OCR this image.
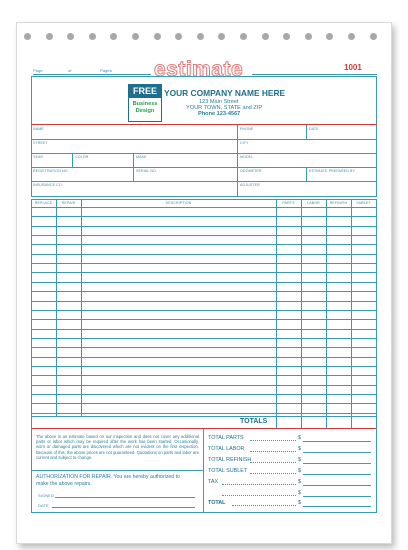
Page	of	Pages estimate	1001
FREE
Business
Design
YOUR COMPANY NAME HERE
123 Main Street
YOUR TOWN, STATE and ZIP
Phone 123-4567
NAME	PHONE	DATE
STREET	CITY
YEAR	COLOR	MAKE	MODEL
REGISTRATION NO.	SERIAL NO.	ODOMETER	ESTIMATE PREPARED BY
INSURANCE CO.	ADJUSTER
REPLACE	REPAIR	DESCRIPTION	PARTS	LABOR	REFINISH	SUBLET
TOTALS
The above is an estimate based on our inspection and does not cover any additional parts or labor which may be required after the work has been started. Occasionally, worn or damaged parts are discovered which are not evident on the first inspection. Because of this, the above prices are not guaranteed. Quotations on parts and labor are current and subject to change.
AUTHORIZATION FOR REPAIR. You are hereby authorized to
make the above repairs.
SIGNED
DATE
TOTAL PARTS	$
TOTAL LABOR	$
TOTAL REFINISH	$
TOTAL SUBLET	$
TAX	$
$
TOTAL	$
